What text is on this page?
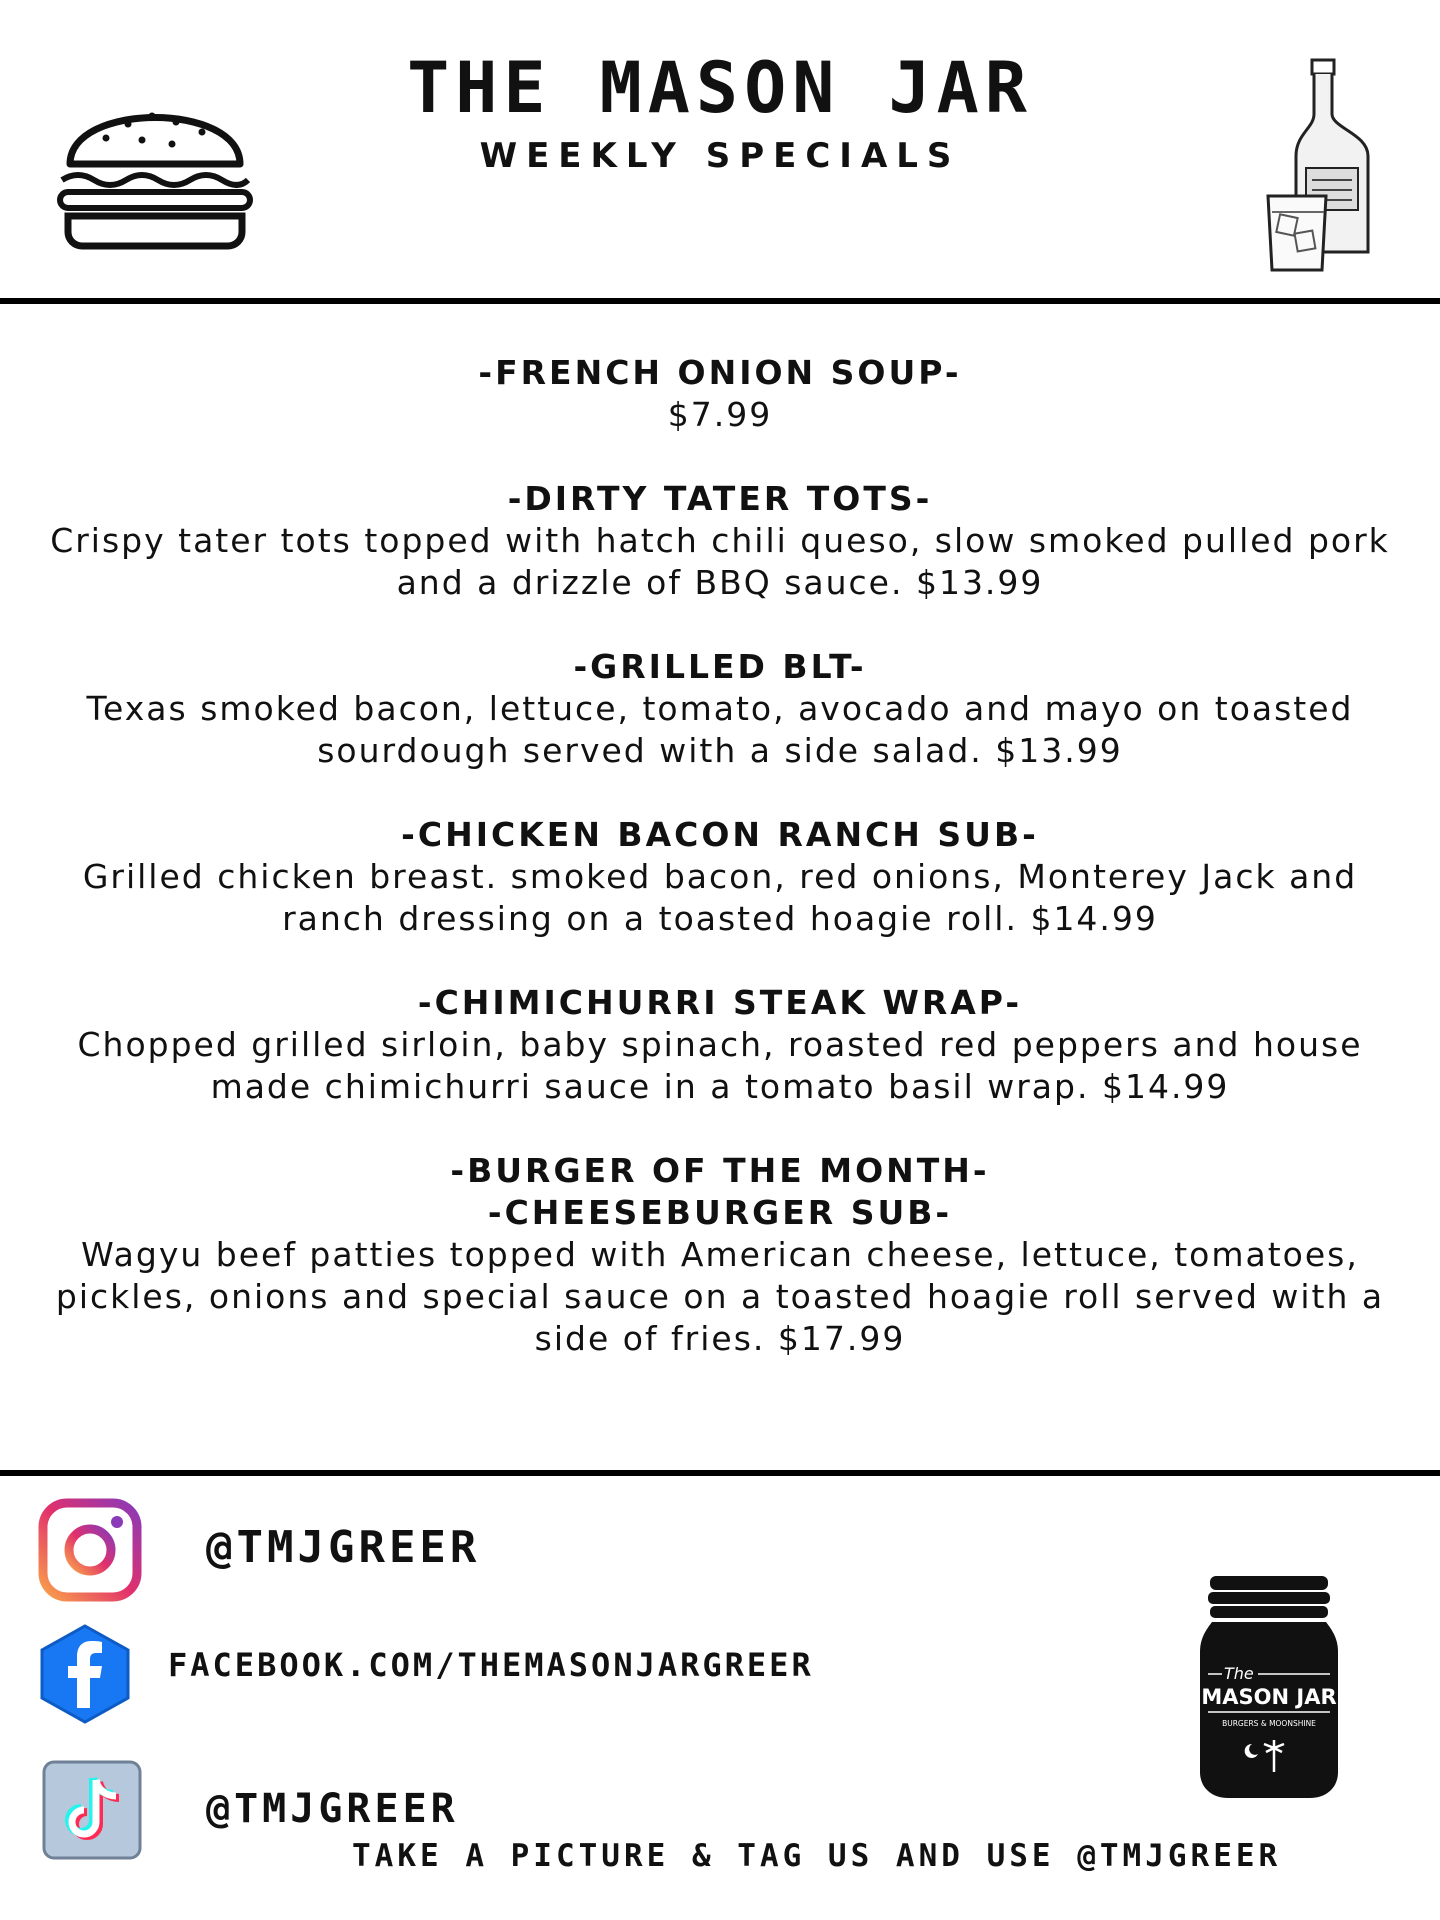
THE MASON JAR
WEEKLY SPECIALS
-FRENCH ONION SOUP-
$7.99
-DIRTY TATER TOTS-
Crispy tater tots topped with hatch chili queso, slow smoked pulled pork and a drizzle of BBQ sauce. $13.99
-GRILLED BLT-
Texas smoked bacon, lettuce, tomato, avocado and mayo on toasted sourdough served with a side salad. $13.99
-CHICKEN BACON RANCH SUB-
Grilled chicken breast. smoked bacon, red onions, Monterey Jack and ranch dressing on a toasted hoagie roll. $14.99
-CHIMICHURRI STEAK WRAP-
Chopped grilled sirloin, baby spinach, roasted red peppers and house made chimichurri sauce in a tomato basil wrap. $14.99
-BURGER OF THE MONTH-
-CHEESEBURGER SUB-
Wagyu beef patties topped with American cheese, lettuce, tomatoes, pickles, onions and special sauce on a toasted hoagie roll served with a side of fries. $17.99
@TMJGREER
FACEBOOK.COM/THEMASONJARGREER
@TMJGREER
TAKE A PICTURE & TAG US AND USE @TMJGREER
The
MASON JAR
BURGERS & MOONSHINE
